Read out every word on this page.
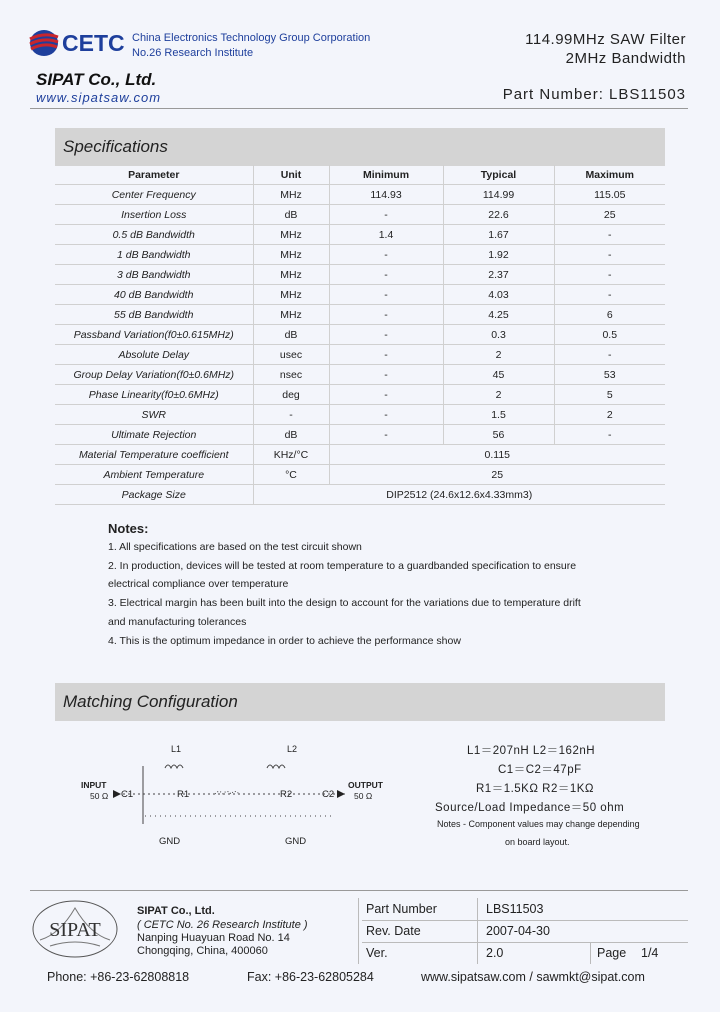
CETC China Electronics Technology Group Corporation
No.26 Research Institute
SIPAT Co., Ltd.
www.sipatsaw.com
114.99MHz SAW Filter
2MHz Bandwidth
Part Number: LBS11503
Specifications
Parameter	Unit	Minimum	Typical	Maximum
Center Frequency	MHz	114.93	114.99	115.05
Insertion Loss	dB	-	22.6	25
0.5 dB Bandwidth	MHz	1.4	1.67	-
1 dB Bandwidth	MHz	-	1.92	-
3 dB Bandwidth	MHz	-	2.37	-
40 dB Bandwidth	MHz	-	4.03	-
55 dB Bandwidth	MHz	-	4.25	6
Passband Variation(f0±0.615MHz)	dB	-	0.3	0.5
Absolute Delay	usec	-	2	-
Group Delay Variation(f0±0.6MHz)	nsec	-	45	53
Phase Linearity(f0±0.6MHz)	deg	-	2	5
SWR	-	-	1.5	2
Ultimate Rejection	dB	-	56	-
Material Temperature coefficient	KHz/°C	0.115		
Ambient Temperature	°C	25		
Package Size	DIP2512 (24.6x12.6x4.33mm3)			
Notes:
1. All specifications are based on the test circuit shown
2. In production, devices will be tested at room temperature to a guardbanded specification to ensure
electrical compliance over temperature
3. Electrical margin has been built into the design to account for the variations due to temperature drift
and manufacturing tolerances
4. This is the optimum impedance in order to achieve the performance show
Matching Configuration
INPUT
50 Ω C1	R1	R2	C2
OUTPUT
50 Ω
L1	L2
GND	GND
L1＝207nH L2＝162nH
C1＝C2＝47pF
R1＝1.5KΩ R2＝1KΩ
Source/Load Impedance＝50 ohm
Notes - Component values may change depending
on board layout.
SIPAT
SIPAT Co., Ltd.
( CETC No. 26 Research Institute )
Nanping Huayuan Road No. 14
Chongqing, China, 400060
Part Number	LBS11503
Rev. Date	2007-04-30
Ver.	2.0	Page 1/4
Phone: +86-23-62808818	Fax: +86-23-62805284	www.sipatsaw.com / sawmkt@sipat.com
